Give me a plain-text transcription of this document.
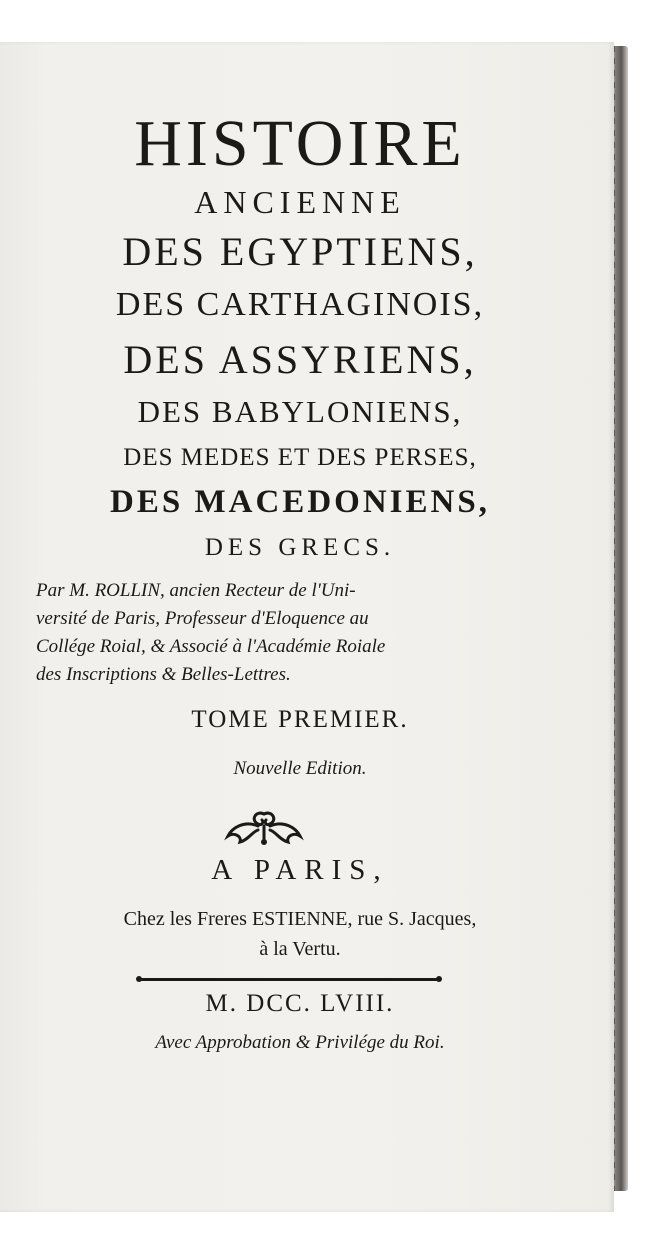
HISTOIRE
ANCIENNE
DES EGYPTIENS,
DES CARTHAGINOIS,
DES ASSYRIENS,
DES BABYLONIENS,
DES MEDES ET DES PERSES,
DES MACEDONIENS,
DES GRECS.
Par M. ROLLIN, ancien Recteur de l'Uni-
versité de Paris, Professeur d'Eloquence au
Collége Roial, & Associé à l'Académie Roiale
des Inscriptions & Belles-Lettres.
TOME PREMIER.
Nouvelle Edition.
A PARIS,
Chez les Freres ESTIENNE, rue S. Jacques,
à la Vertu.
M. DCC. LVIII.
Avec Approbation & Privilége du Roi.
